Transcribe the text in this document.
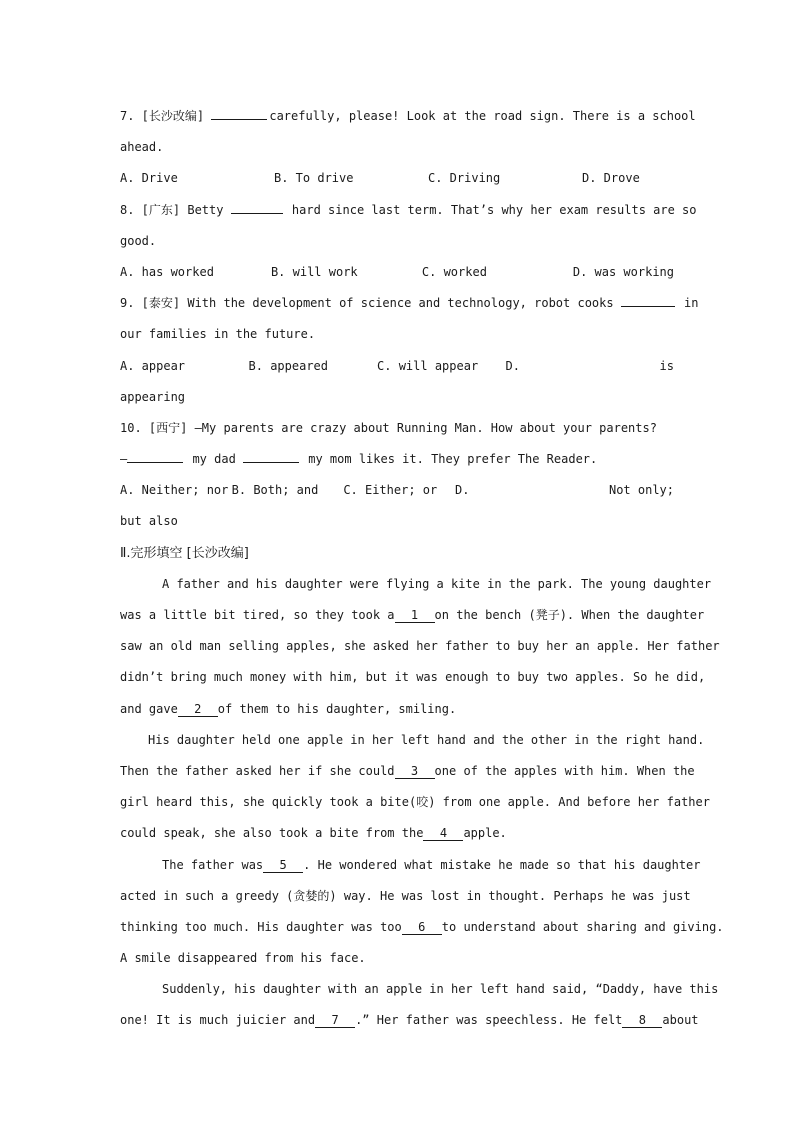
7. [长沙改编]	carefully, please! Look at the road sign. There is a school
ahead.
A. Drive	B. To drive	C. Driving	D. Drove
8. [广东] Betty	hard since last term. That’s why her exam results are so
good.
A. has worked	B. will work	C. worked	D. was working
9. [泰安] With the development of science and technology, robot cooks	in
our families in the future.
A. appear	B. appeared	C. will appear	D.	is
appearing
10. [西宁] —My parents are crazy about Running Man. How about your parents?
—	my dad	my mom likes it. They prefer The Reader.
A. Neither; nor B. Both; and	C. Either; or	D.	Not only;
but also
Ⅱ.完形填空 [长沙改编]
A father and his daughter were flying a kite in the park. The young daughter
was a little bit tired, so they took a 1 on the bench (凳子). When the daughter
saw an old man selling apples, she asked her father to buy her an apple. Her father
didn’t bring much money with him, but it was enough to buy two apples. So he did,
and gave 2 of them to his daughter, smiling.
His daughter held one apple in her left hand and the other in the right hand.
Then the father asked her if she could 3 one of the apples with him. When the
girl heard this, she quickly took a bite(咬) from one apple. And before her father
could speak, she also took a bite from the 4 apple.
The father was 5 . He wondered what mistake he made so that his daughter
acted in such a greedy (贪婪的) way. He was lost in thought. Perhaps he was just
thinking too much. His daughter was too 6 to understand about sharing and giving.
A smile disappeared from his face.
Suddenly, his daughter with an apple in her left hand said, “Daddy, have this
one! It is much juicier and 7 .” Her father was speechless. He felt 8 about
